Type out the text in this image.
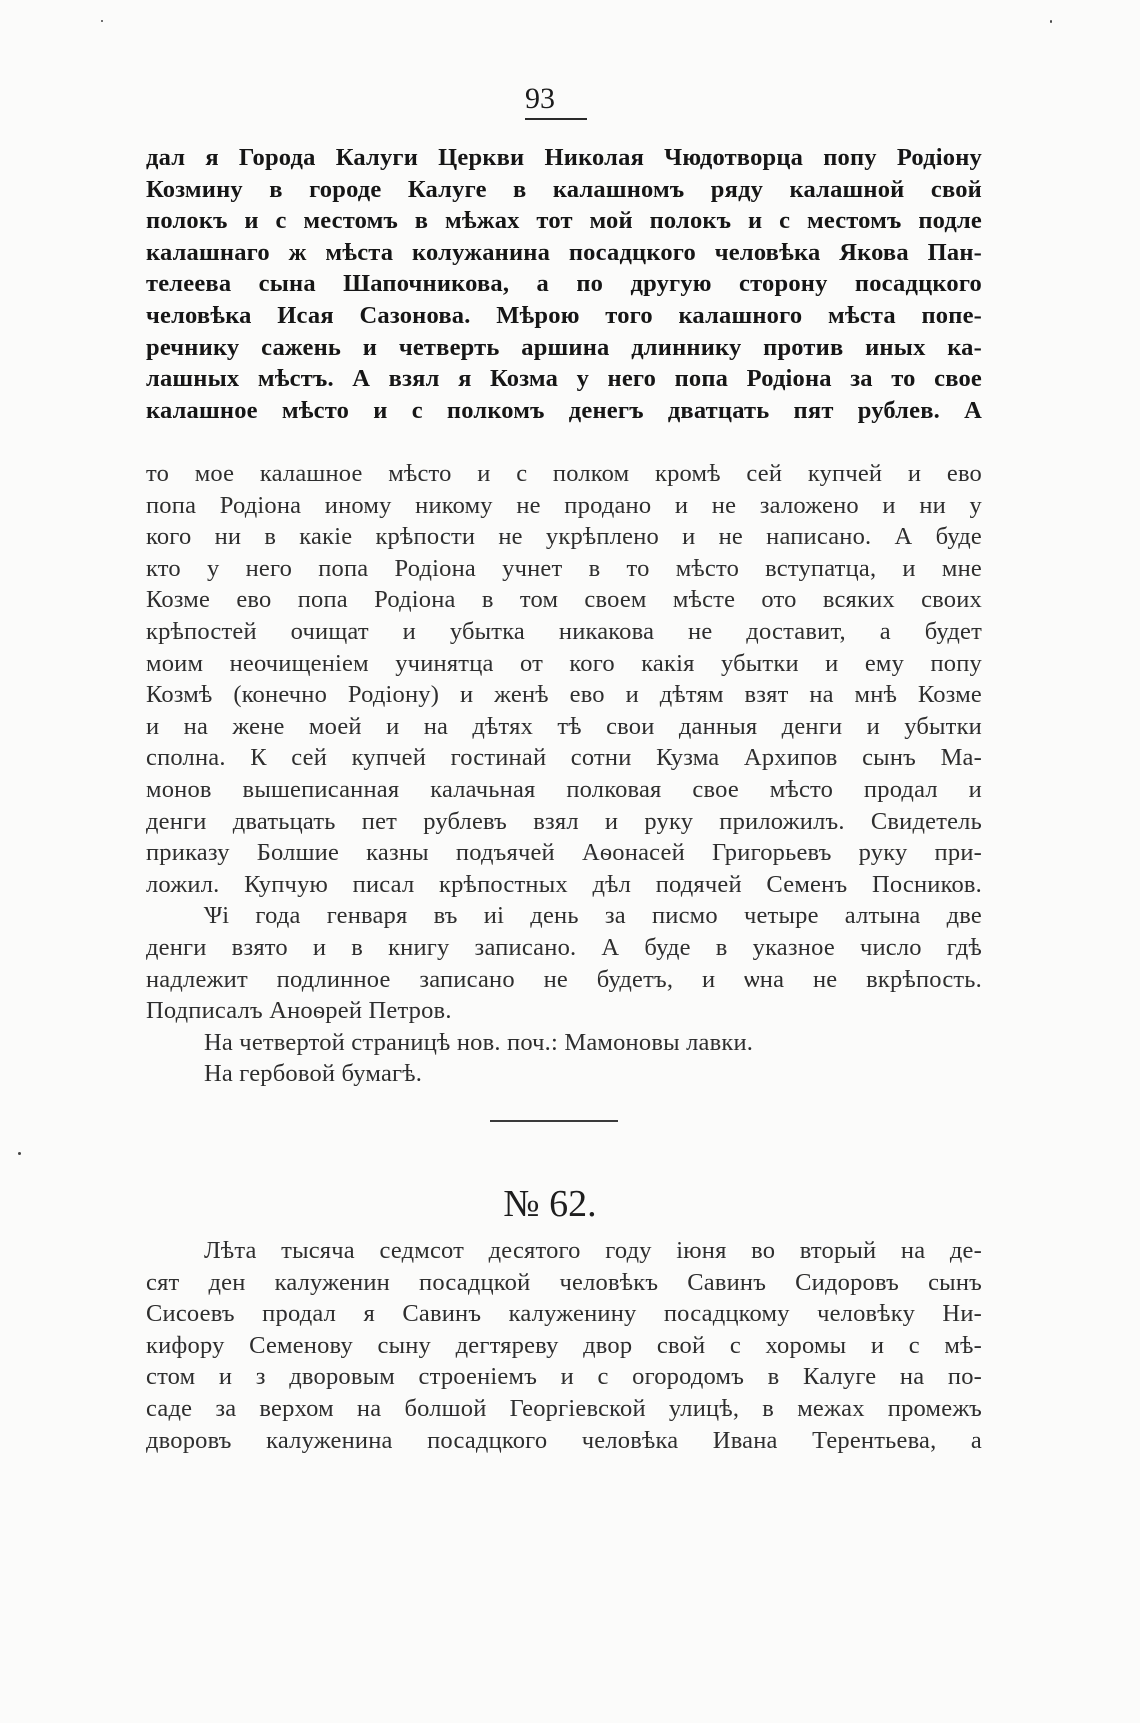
93
дал я Города Калуги Церкви Николая Чюдотворца попу Родіону
Козмину в городе Калуге в калашномъ ряду калашной свой
полокъ и с местомъ в мѣжах тот мой полокъ и с местомъ подле
калашнаго ж мѣста колужанина посадцкого человѣка Якова Пан-
телеева сына Шапочникова, а по другую сторону посадцкого
человѣка Исая Сазонова. Мѣрою того калашного мѣста попе-
речнику сажень и четверть аршина длиннику против иных ка-
лашных мѣстъ. А взял я Козма у него попа Родіона за то свое
калашное мѣсто и с полкомъ денегъ дватцать пят рублев. А
то мое калашное мѣсто и с полком кромѣ сей купчей и ево
попа Родіона иному никому не продано и не заложено и ни у
кого ни в какіе крѣпости не укрѣплено и не написано. А буде
кто у него попа Родіона учнет в то мѣсто вступатца, и мне
Козме ево попа Родіона в том своем мѣсте ото всяких своих
крѣпостей очищат и убытка никакова не доставит, а будет
моим неочищеніем учинятца от кого какія убытки и ему попу
Козмѣ (конечно Родіону) и женѣ ево и дѣтям взят на мнѣ Козме
и на жене моей и на дѣтях тѣ свои данныя денги и убытки
сполна. К сей купчей гостинай сотни Кузма Архипов сынъ Ма-
монов вышеписанная калачьная полковая свое мѣсто продал и
денги дватьцать пет рублевъ взял и руку приложилъ. Свидетель
приказу Болшие казны подъячей Аѳонасей Григорьевъ руку при-
ложил. Купчую писал крѣпостных дѣл подячей Семенъ Посников.
Ѱі года генваря въ иі день за писмо четыре алтына две
денги взято и в книгу записано. А буде в указное число гдѣ
надлежит подлинное записано не будетъ, и ѡна не вкрѣпость.
Подписалъ Аноѳрей Петров.
На четвертой страницѣ нов. поч.: Мамоновы лавки.
На гербовой бумагѣ.
№ 62.
Лѣта тысяча седмсот десятого году іюня во вторый на де-
сят ден калуженин посадцкой человѣкъ Савинъ Сидоровъ сынъ
Сисоевъ продал я Савинъ калуженину посадцкому человѣку Ни-
кифору Семенову сыну дегтяреву двор свой с хоромы и с мѣ-
стом и з дворовым строеніемъ и с огородомъ в Калуге на по-
саде за верхом на болшой Георгіевской улицѣ, в межах промежъ
дворовъ калуженина посадцкого человѣка Ивана Терентьева, а
